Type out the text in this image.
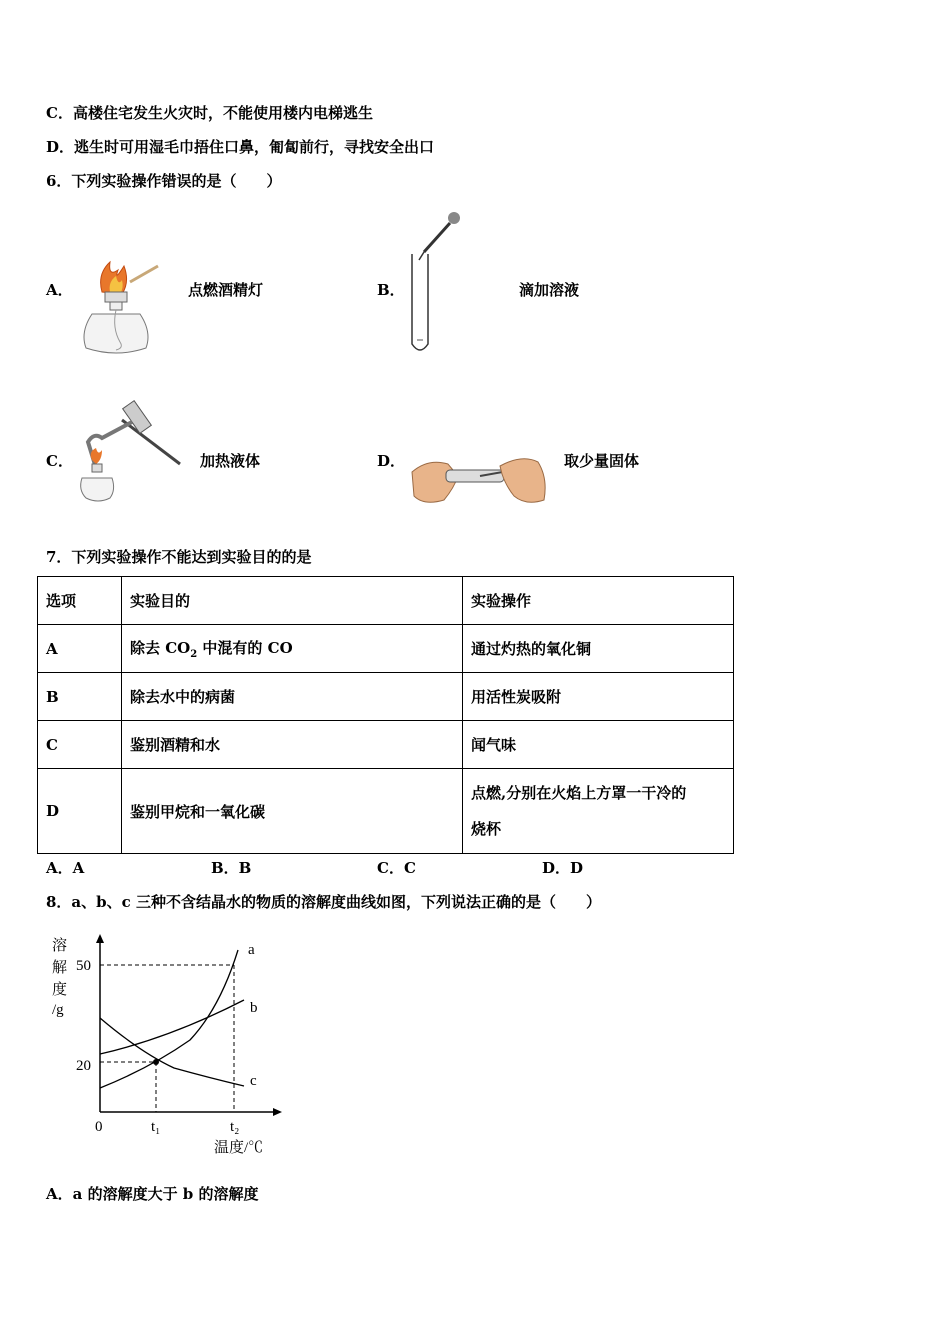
C．高楼住宅发生火灾时，不能使用楼内电梯逃生
D．逃生时可用湿毛巾捂住口鼻，匍匐前行，寻找安全出口
6．下列实验操作错误的是（　　）
A．	点燃酒精灯	B．	滴加溶液
C．	加热液体	D．	取少量固体
7．下列实验操作不能达到实验目的的是
选项	实验目的	实验操作
A	除去 $CO_2$ 中混有的 CO	通过灼热的氧化铜
B	除去水中的病菌	用活性炭吸附
C	鉴别酒精和水	闻气味
D	鉴别甲烷和一氧化碳	点燃,分别在火焰上方罩一干冷的
烧杯
A．A	B．B	C．C	D．D
8．a、b、c 三种不含结晶水的物质的溶解度曲线如图，下列说法正确的是（　　）
溶
解
度
/g
50
20
0	t₁	t₂
温度/℃
a
b
c
A．a 的溶解度大于 b 的溶解度
